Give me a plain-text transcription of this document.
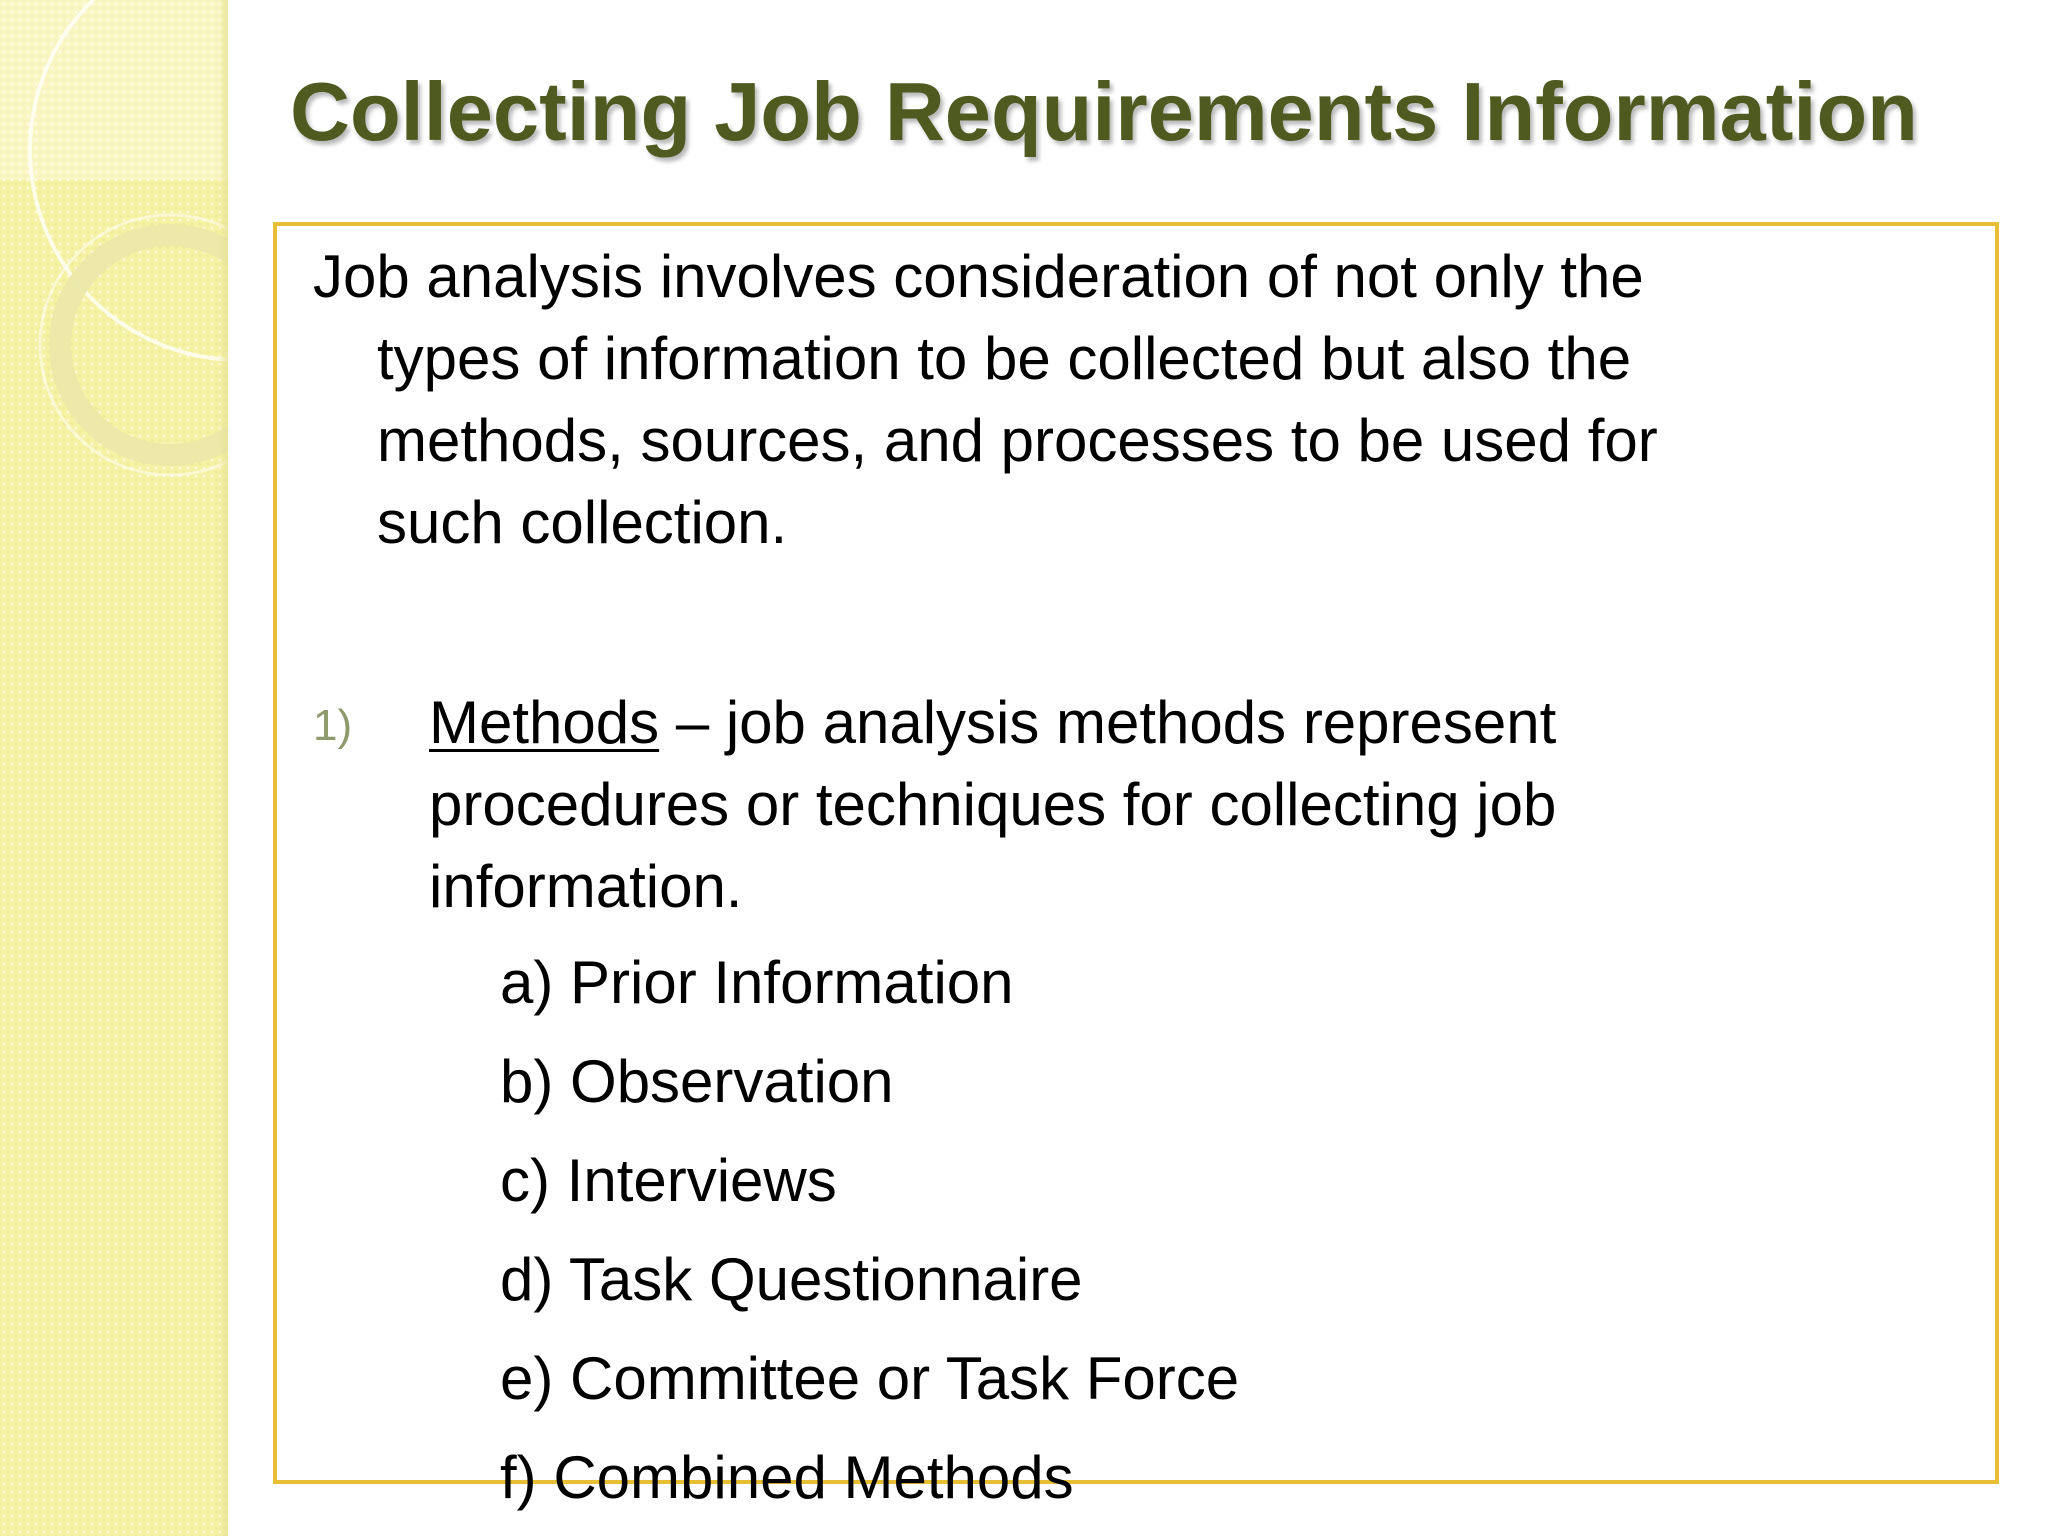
Collecting Job Requirements Information
Job analysis involves consideration of not only the
types of information to be collected but also the
methods, sources, and processes to be used for
such collection.
1) Methods – job analysis methods represent
procedures or techniques for collecting job
information.
a) Prior Information
b) Observation
c) Interviews
d) Task Questionnaire
e) Committee or Task Force
f) Combined Methods
